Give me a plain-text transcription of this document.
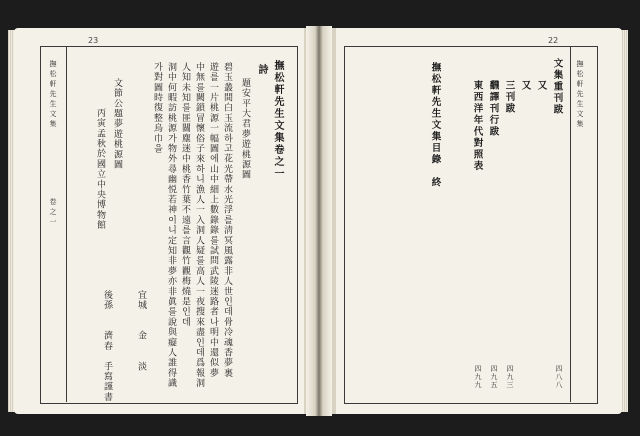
23
撫松軒先生文集
卷之一
撫松軒先生文集卷之一
詩
題安平大君夢遊桃源圖
碧玉叢間白玉流하고花光帶水光浮를淸冥風露非人世인데骨冷魂香夢裏
遊를一片桃源一幅圖에山中細上數錄錄를試問武陵迷路者나明中還似夢
中無를闕鎖冒懷俗子來하니漁人一入洞人疑를高人一夜搜來盡인데爲報洞
人知未知를匪關塵迷中桃香竹葉不遠를言觀竹觀梅燒是인데
洞中何暇訪桃源가物外尋幽悦若神이니定知非夢亦非眞를說與癡人誰得識
가對圖時復整烏巾을
文節公題夢遊桃源圖
丙寅孟秋於國立中央博物館
宜城　　金　　淡
後孫　　濟春　手寫謹書
22
撫松軒先生文集
文集重刊跋
四八八
又
又
三刊跋
四九三
飜譯刊行跋
四九五
東西洋年代對照表
四九九
撫松軒先生文集目錄　終
